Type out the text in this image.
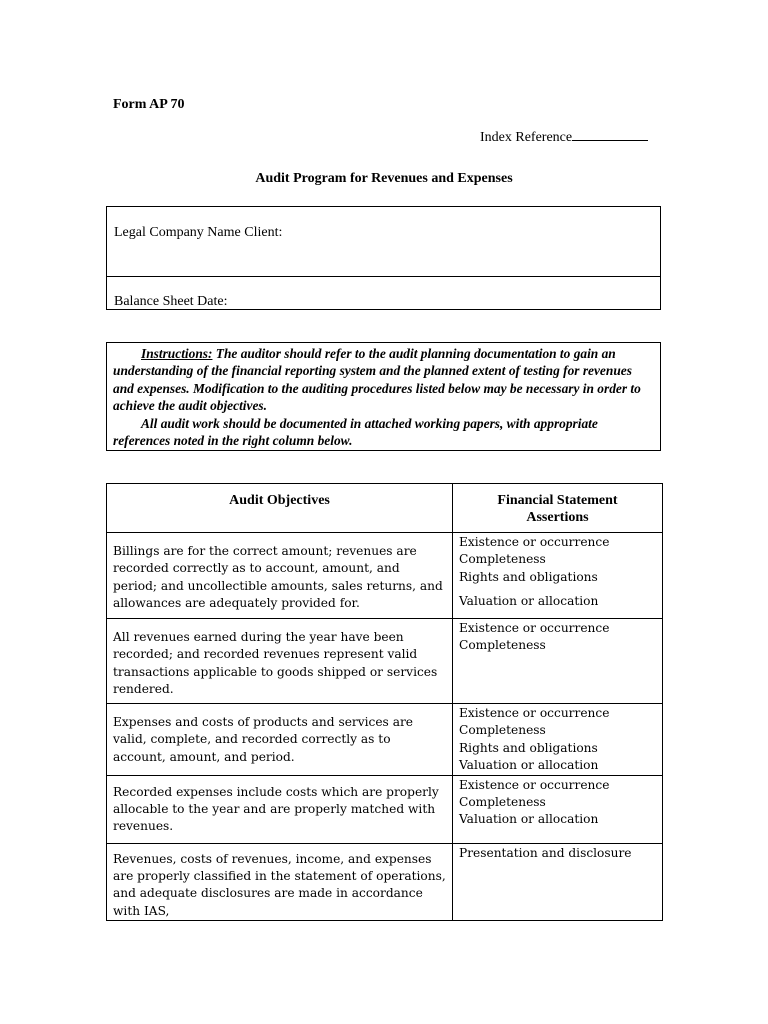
Form AP 70
Index Reference
Audit Program for Revenues and Expenses
Legal Company Name Client:
Balance Sheet Date:

Instructions: The auditor should refer to the audit planning documentation to gain an understanding of the financial reporting system and the planned extent of testing for revenues and expenses. Modification to the auditing procedures listed below may be necessary in order to achieve the audit objectives.

All audit work should be documented in attached working papers, with appropriate references noted in the right column below.

Audit Objectives	Financial Statement
Assertions
Billings are for the correct amount; revenues are recorded correctly as to account, amount, and period; and uncollectible amounts, sales returns, and allowances are adequately provided for.	Existence or occurrence
Completeness
Rights and obligations
Valuation or allocation

All revenues earned during the year have been recorded; and recorded revenues represent valid transactions applicable to goods shipped or services rendered.	Existence or occurrence
Completeness

Expenses and costs of products and services are valid, complete, and recorded correctly as to account, amount, and period.	Existence or occurrence
Completeness
Rights and obligations
Valuation or allocation

Recorded expenses include costs which are properly allocable to the year and are properly matched with revenues.	Existence or occurrence
Completeness
Valuation or allocation

Revenues, costs of revenues, income, and expenses are properly classified in the statement of operations, and adequate disclosures are made in accordance with IAS,	Presentation and disclosure
